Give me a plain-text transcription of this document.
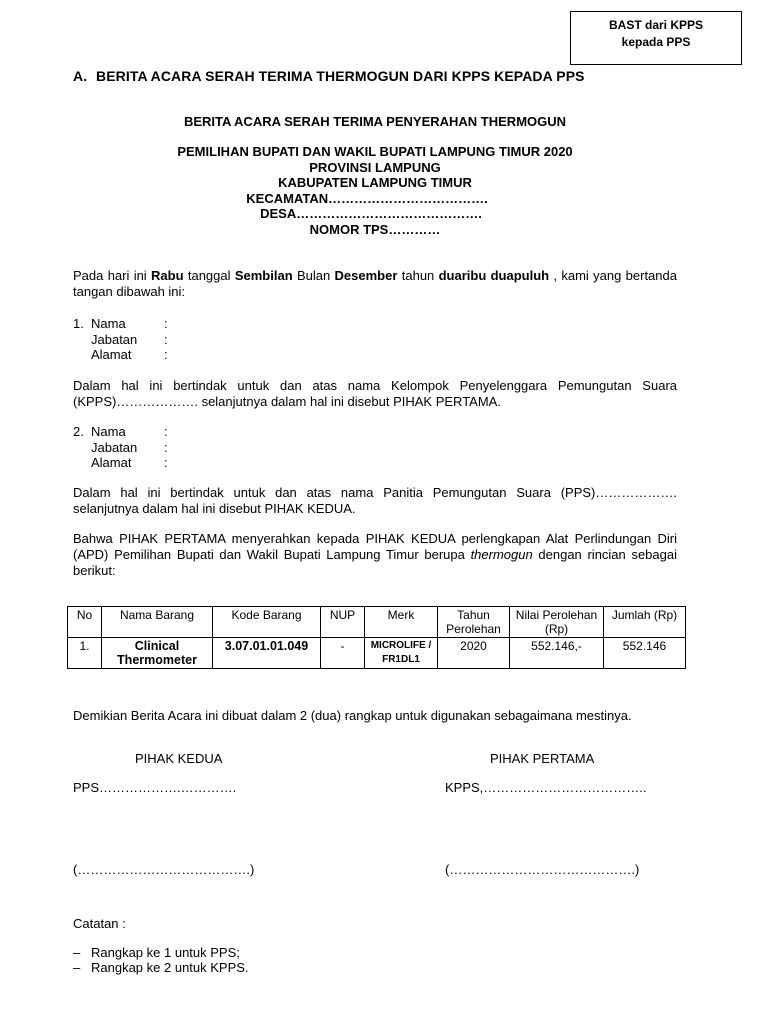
BAST dari KPPS
kepada PPS
A. BERITA ACARA SERAH TERIMA THERMOGUN DARI KPPS KEPADA PPS
BERITA ACARA SERAH TERIMA PENYERAHAN THERMOGUN
PEMILIHAN BUPATI DAN WAKIL BUPATI LAMPUNG TIMUR 2020
PROVINSI LAMPUNG
KABUPATEN LAMPUNG TIMUR
KECAMATAN……………………………….
DESA…………………………………….
NOMOR TPS…………
Pada hari ini Rabu tanggal Sembilan Bulan Desember tahun duaribu duapuluh , kami yang bertanda tangan dibawah ini:
1. Nama	:
Jabatan	:
Alamat	:
Dalam hal ini bertindak untuk dan atas nama Kelompok Penyelenggara Pemungutan Suara (KPPS)………………. selanjutnya dalam hal ini disebut PIHAK PERTAMA.
2. Nama	:
Jabatan	:
Alamat	:
Dalam hal ini bertindak untuk dan atas nama Panitia Pemungutan Suara (PPS)………………. selanjutnya dalam hal ini disebut PIHAK KEDUA.
Bahwa PIHAK PERTAMA menyerahkan kepada PIHAK KEDUA perlengkapan Alat Perlindungan Diri (APD) Pemilihan Bupati dan Wakil Bupati Lampung Timur berupa thermogun dengan rincian sebagai berikut:
No	Nama Barang	Kode Barang	NUP	Merk	Tahun Perolehan	Nilai Perolehan (Rp)	Jumlah (Rp)
1.	Clinical Thermometer	3.07.01.01.049	-	MICROLIFE / FR1DL1	2020	552.146,-	552.146
Demikian Berita Acara ini dibuat dalam 2 (dua) rangkap untuk digunakan sebagaimana mestinya.
PIHAK KEDUA	PIHAK PERTAMA
PPS……………….………….	KPPS,………………………………..
(………………………………….)	(…………………………………….)
Catatan :
– Rangkap ke 1 untuk PPS;
– Rangkap ke 2 untuk KPPS.
